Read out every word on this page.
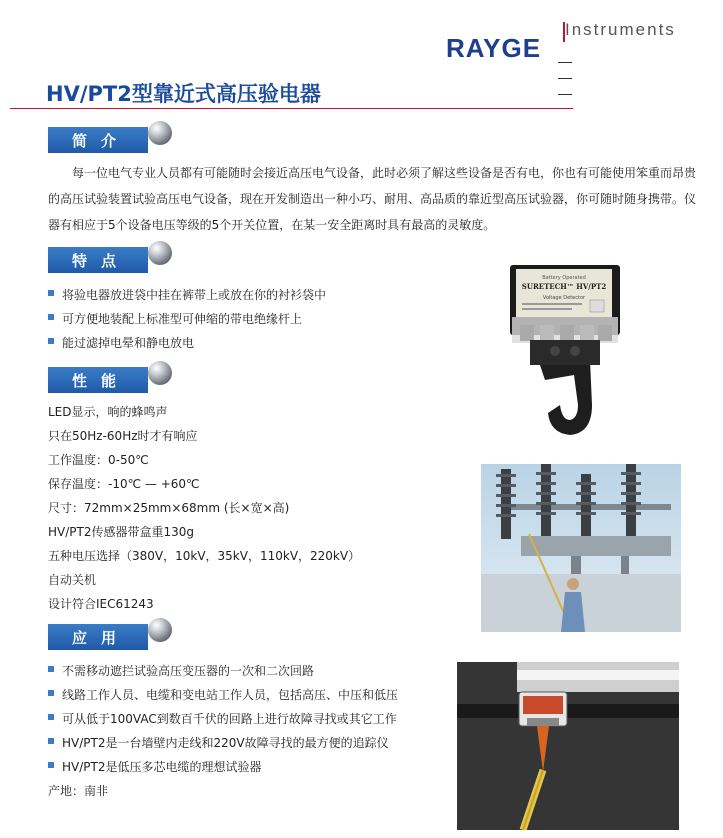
Instruments
RAYGE
HV/PT2型靠近式高压验电器
简介
每一位电气专业人员都有可能随时会接近高压电气设备，此时必须了解这些设备是否有电，你也有可能使用笨重而昂贵的高压试验装置试验高压电气设备，现在开发制造出一种小巧、耐用、高品质的靠近型高压试验器，你可随时随身携带。仪器有相应于5个设备电压等级的5个开关位置，在某一安全距离时具有最高的灵敏度。
特点
将验电器放进袋中挂在裤带上或放在你的衬衫袋中
可方便地装配上标准型可伸缩的带电绝缘杆上
能过滤掉电晕和静电放电
性能
LED显示，响的蜂鸣声
只在50Hz-60Hz时才有响应
工作温度：0-50℃
保存温度：-10℃ — +60℃
尺寸：72mm×25mm×68mm (长×宽×高)
HV/PT2传感器带盒重130g
五种电压选择（380V，10kV，35kV，110kV，220kV）
自动关机
设计符合IEC61243
应用
不需移动遮拦试验高压变压器的一次和二次回路
线路工作人员、电缆和变电站工作人员，包括高压、中压和低压
可从低于100VAC到数百千伏的回路上进行故障寻找或其它工作
HV/PT2是一台墙壁内走线和220V故障寻找的最方便的追踪仪
HV/PT2是低压多芯电缆的理想试验器
产地：南非
Battery Operated
SURETECH™ HV/PT2
Voltage Detector
